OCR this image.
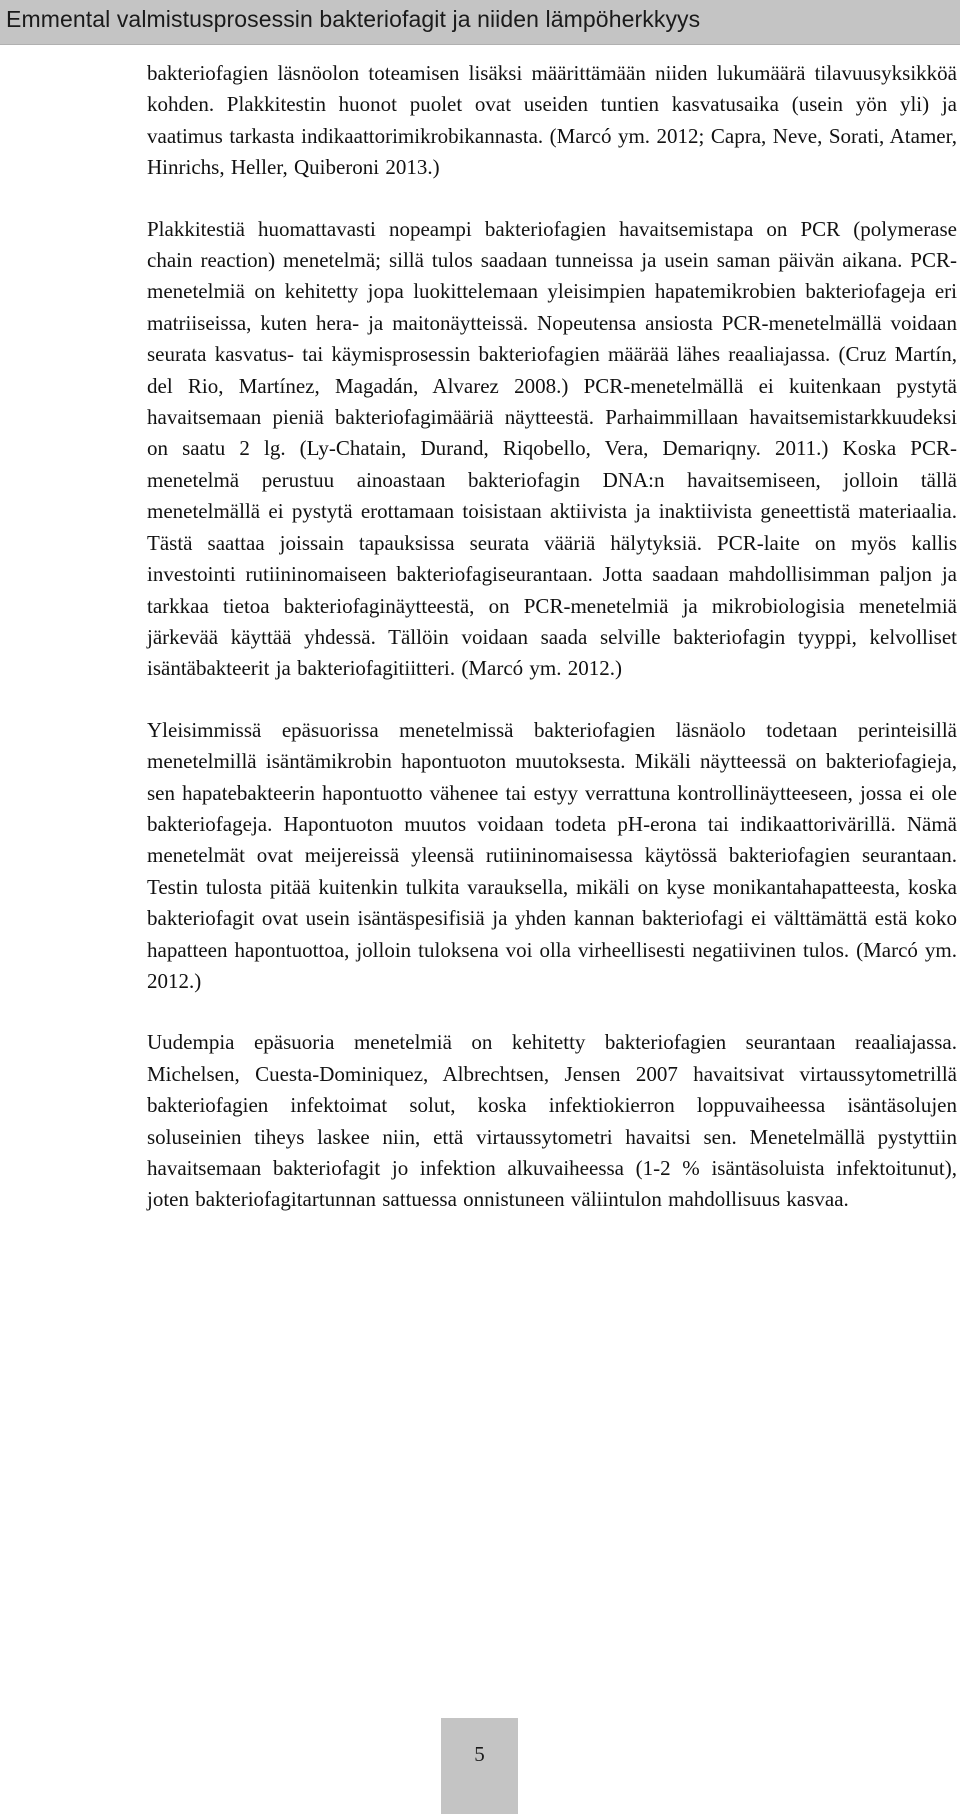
Emmental valmistusprosessin bakteriofagit ja niiden lämpöherkkyys

bakteriofagien läsnöolon toteamisen lisäksi määrittämään niiden lukumäärä tilavuusyksikköä kohden. Plakkitestin huonot puolet ovat useiden tuntien kasvatusaika (usein yön yli) ja vaatimus tarkasta indikaattorimikrobikannasta. (Marcó ym. 2012; Capra, Neve, Sorati, Atamer, Hinrichs, Heller, Quiberoni 2013.)

Plakkitestiä huomattavasti nopeampi bakteriofagien havaitsemistapa on PCR (polymerase chain reaction) menetelmä; sillä tulos saadaan tunneissa ja usein saman päivän aikana. PCR-menetelmiä on kehitetty jopa luokittelemaan yleisimpien hapatemikrobien bakteriofageja eri matriiseissa, kuten hera- ja maitonäytteissä. Nopeutensa ansiosta PCR-menetelmällä voidaan seurata kasvatus- tai käymisprosessin bakteriofagien määrää lähes reaaliajassa. (Cruz Martín, del Rio, Martínez, Magadán, Alvarez 2008.) PCR-menetelmällä ei kuitenkaan pystytä havaitsemaan pieniä bakteriofagimääriä näytteestä. Parhaimmillaan havaitsemistarkkuudeksi on saatu 2 lg. (Ly-Chatain, Durand, Riqobello, Vera, Demariqny. 2011.) Koska PCR-menetelmä perustuu ainoastaan bakteriofagin DNA:n havaitsemiseen, jolloin tällä menetelmällä ei pystytä erottamaan toisistaan aktiivista ja inaktiivista geneettistä materiaalia. Tästä saattaa joissain tapauksissa seurata vääriä hälytyksiä. PCR-laite on myös kallis investointi rutiininomaiseen bakteriofagiseurantaan. Jotta saadaan mahdollisimman paljon ja tarkkaa tietoa bakteriofaginäytteestä, on PCR-menetelmiä ja mikrobiologisia menetelmiä järkevää käyttää yhdessä. Tällöin voidaan saada selville bakteriofagin tyyppi, kelvolliset isäntäbakteerit ja bakteriofagitiitteri. (Marcó ym. 2012.)

Yleisimmissä epäsuorissa menetelmissä bakteriofagien läsnäolo todetaan perinteisillä menetelmillä isäntämikrobin hapontuoton muutoksesta. Mikäli näytteessä on bakteriofagieja, sen hapatebakteerin hapontuotto vähenee tai estyy verrattuna kontrollinäytteeseen, jossa ei ole bakteriofageja. Hapontuoton muutos voidaan todeta pH-erona tai indikaattorivärillä. Nämä menetelmät ovat meijereissä yleensä rutiininomaisessa käytössä bakteriofagien seurantaan. Testin tulosta pitää kuitenkin tulkita varauksella, mikäli on kyse monikantahapatteesta, koska bakteriofagit ovat usein isäntäspesifisiä ja yhden kannan bakteriofagi ei välttämättä estä koko hapatteen hapontuottoa, jolloin tuloksena voi olla virheellisesti negatiivinen tulos. (Marcó ym. 2012.)

Uudempia epäsuoria menetelmiä on kehitetty bakteriofagien seurantaan reaaliajassa. Michelsen, Cuesta-Dominiquez, Albrechtsen, Jensen 2007 havaitsivat virtaussytometrillä bakteriofagien infektoimat solut, koska infektiokierron loppuvaiheessa isäntäsolujen soluseinien tiheys laskee niin, että virtaussytometri havaitsi sen. Menetelmällä pystyttiin havaitsemaan bakteriofagit jo infektion alkuvaiheessa (1-2 % isäntäsoluista infektoitunut), joten bakteriofagitartunnan sattuessa onnistuneen väliintulon mahdollisuus kasvaa.

5
